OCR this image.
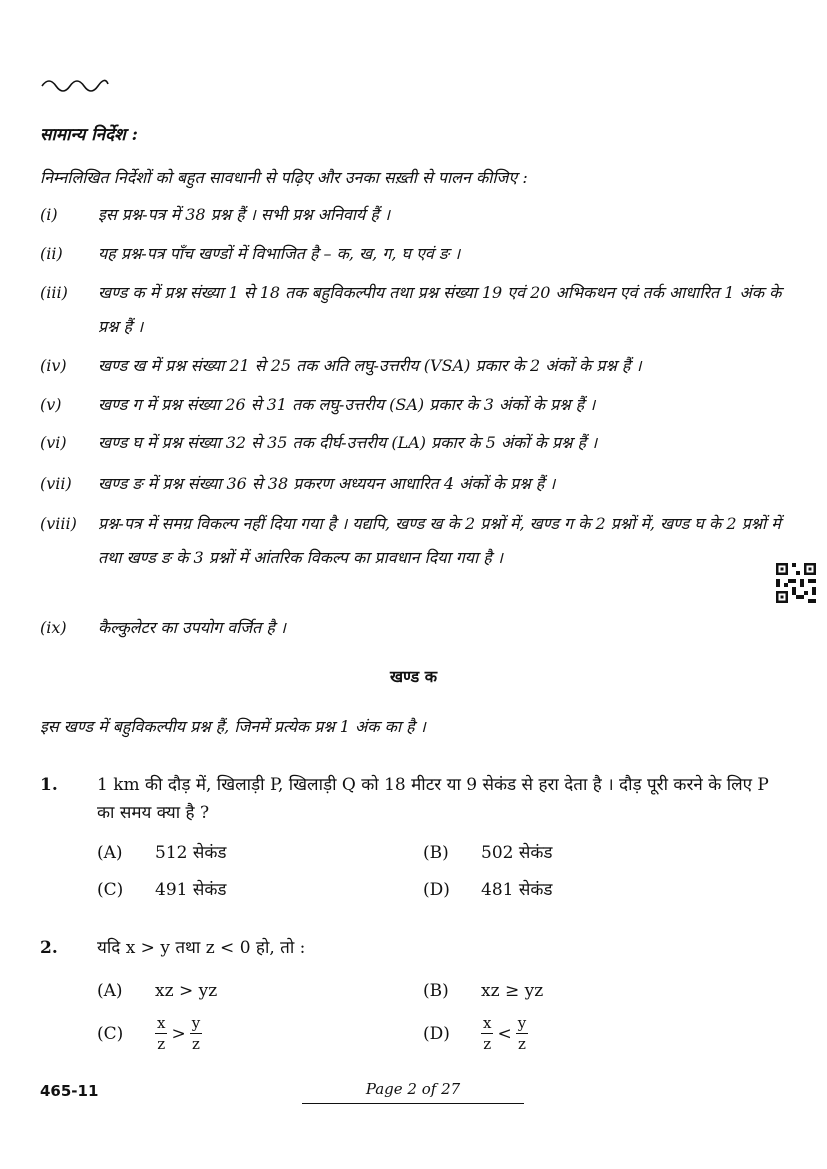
सामान्य निर्देश :
निम्नलिखित निर्देशों को बहुत सावधानी से पढ़िए और उनका सख़्ती से पालन कीजिए :
(i)	इस प्रश्न-पत्र में 38 प्रश्न हैं । सभी प्रश्न अनिवार्य हैं ।
(ii) यह प्रश्न-पत्र पाँच खण्डों में विभाजित है – क, ख, ग, घ एवं ङ ।
(iii) खण्ड क में प्रश्न संख्या 1 से 18 तक बहुविकल्पीय तथा प्रश्न संख्या 19 एवं 20 अभिकथन एवं तर्क आधारित 1 अंक के प्रश्न हैं ।
(iv) खण्ड ख में प्रश्न संख्या 21 से 25 तक अति लघु-उत्तरीय (VSA) प्रकार के 2 अंकों के प्रश्न हैं ।
(v) खण्ड ग में प्रश्न संख्या 26 से 31 तक लघु-उत्तरीय (SA) प्रकार के 3 अंकों के प्रश्न हैं ।
(vi) खण्ड घ में प्रश्न संख्या 32 से 35 तक दीर्घ-उत्तरीय (LA) प्रकार के 5 अंकों के प्रश्न हैं ।
(vii) खण्ड ङ में प्रश्न संख्या 36 से 38 प्रकरण अध्ययन आधारित 4 अंकों के प्रश्न हैं ।
(viii) प्रश्न-पत्र में समग्र विकल्प नहीं दिया गया है । यद्यपि, खण्ड ख के 2 प्रश्नों में, खण्ड ग के 2 प्रश्नों में, खण्ड घ के 2 प्रश्नों में तथा खण्ड ङ के 3 प्रश्नों में आंतरिक विकल्प का प्रावधान दिया गया है ।
(ix) कैल्कुलेटर का उपयोग वर्जित है ।
खण्ड क
इस खण्ड में बहुविकल्पीय प्रश्न हैं, जिनमें प्रत्येक प्रश्न 1 अंक का है ।
1. 1 km की दौड़ में, खिलाड़ी P, खिलाड़ी Q को 18 मीटर या 9 सेकंड से हरा देता है । दौड़ पूरी करने के लिए P का समय क्या है ?
(A) 512 सेकंड	(B) 502 सेकंड
(C) 491 सेकंड	(D) 481 सेकंड
2. यदि x > y तथा z < 0 हो, तो :
(A) xz > yz	(B) xz ≥ yz
$(C) \frac{x}{z} > \frac{y}{z}$	$(D) \frac{x}{z} < \frac{y}{z}$
465-11	Page 2 of 27
